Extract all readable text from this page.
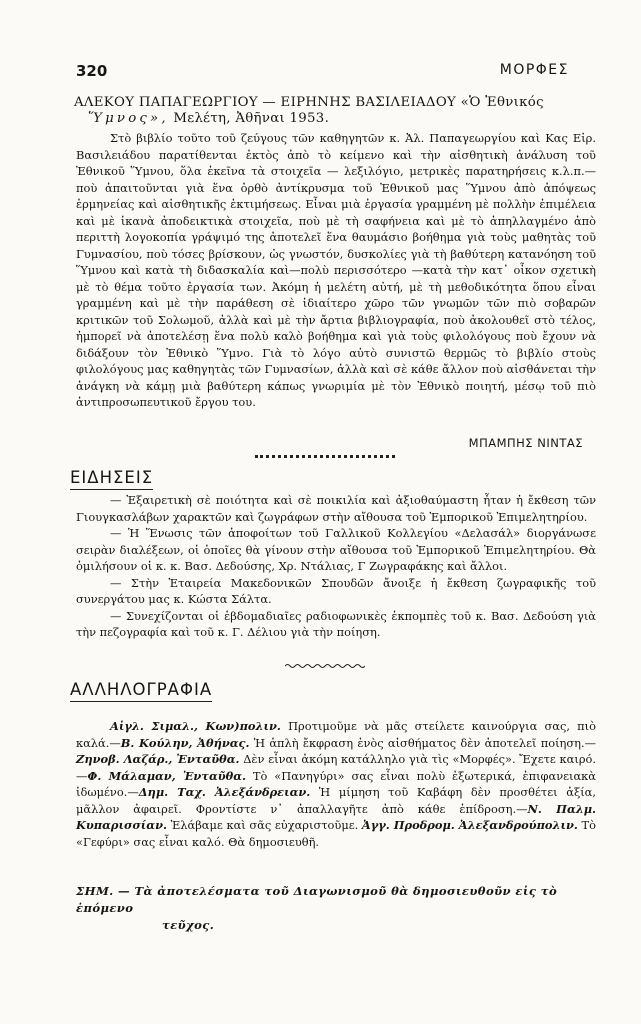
320	ΜΟΡΦΕΣ
ΑΛΕΚΟΥ ΠΑΠΑΓΕΩΡΓΙΟΥ — ΕΙΡΗΝΗΣ ΒΑΣΙΛΕΙΑΔΟΥ «Ὁ Ἐθνικός
Ὕμνος», Μελέτη, Ἀθῆναι 1953.

Στὸ βιβλίο τοῦτο τοῦ ζεύγους τῶν καθηγητῶν κ. Ἀλ. Παπαγεωργίου καὶ Κας Εἰρ. Βασιλειάδου παρατίθενται ἐκτὸς ἀπὸ τὸ κείμενο καὶ τὴν αἰσθητικὴ ἀνάλυση τοῦ Ἐθνικοῦ Ὕμνου, ὅλα ἐκεῖνα τὰ στοιχεῖα — λεξιλόγιο, μετρικὲς παρατηρήσεις κ.λ.π.— ποὺ ἀπαιτοῦνται γιὰ ἕνα ὀρθὸ ἀντίκρυσμα τοῦ Ἐθνικοῦ μας Ὕμνου ἀπὸ ἀπόψεως ἑρμηνείας καὶ αἰσθητικῆς ἐκτιμήσεως. Εἶναι μιὰ ἐργασία γραμμένη μὲ πολλὴν ἐπιμέλεια καὶ μὲ ἱκανὰ ἀποδεικτικὰ στοιχεῖα, ποὺ μὲ τὴ σαφήνεια καὶ μὲ τὸ ἀπηλλαγμένο ἀπὸ περιττὴ λογοκοπία γράψιμό της ἀποτελεῖ ἕνα θαυμάσιο βοήθημα γιὰ τοὺς μαθητὰς τοῦ Γυμνασίου, ποὺ τόσες βρίσκουν, ὡς γνωστόν, δυσκολίες γιὰ τὴ βαθύτερη κατανόηση τοῦ Ὕμνου καὶ κατὰ τὴ διδασκαλία καὶ—πολὺ περισσότερο —κατὰ τὴν κατ᾿ οἶκον σχετικὴ μὲ τὸ θέμα τοῦτο ἐργασία των. Ἀκόμη ἡ μελέτη αὐτή, μὲ τὴ μεθοδικότητα ὅπου εἶναι γραμμένη καὶ μὲ τὴν παράθεση σὲ ἰδιαίτερο χῶρο τῶν γνωμῶν τῶν πιὸ σοβαρῶν κριτικῶν τοῦ Σολωμοῦ, ἀλλὰ καὶ μὲ τὴν ἄρτια βιβλιογραφία, ποὺ ἀκολουθεῖ στὸ τέλος, ἠμπορεῖ νὰ ἀποτελέσῃ ἕνα πολὺ καλὸ βοήθημα καὶ γιὰ τοὺς φιλολόγους ποὺ ἔχουν νὰ διδάξουν τὸν Ἐθνικὸ Ὕμνο. Γιὰ τὸ λόγο αὐτὸ συνιστῶ θερμῶς τὸ βιβλίο στοὺς φιλολόγους μας καθηγητὰς τῶν Γυμνασίων, ἀλλὰ καὶ σὲ κάθε ἄλλον ποὺ αἰσθάνεται τὴν ἀνάγκη νὰ κάμῃ μιὰ βαθύτερη κάπως γνωριμία μὲ τὸν Ἐθνικὸ ποιητή, μέσῳ τοῦ πιὸ ἀντιπροσωπευτικοῦ ἔργου του.

ΜΠΑΜΠΗΣ ΝΙΝΤΑΣ
ΕΙΔΗΣΕΙΣ

— Ἐξαιρετικὴ σὲ ποιότητα καὶ σὲ ποικιλία καὶ ἀξιοθαύμαστη ἦταν ἡ ἔκθεση τῶν Γιουγκασλάβων χαρακτῶν καὶ ζωγράφων στὴν αἴθουσα τοῦ Ἐμπορικοῦ Ἐπιμελητηρίου.

— Ἡ Ἕνωσις τῶν ἀποφοίτων τοῦ Γαλλικοῦ Κολλεγίου «Δελασάλ» διοργάνωσε σειρὰν διαλέξεων, οἱ ὁποῖες θὰ γίνουν στὴν αἴθουσα τοῦ Ἐμπορικοῦ Ἐπιμελητηρίου. Θὰ ὁμιλήσουν οἱ κ. κ. Βασ. Δεδούσης, Χρ. Ντάλιας, Γ Ζωγραφάκης καὶ ἄλλοι.

— Στὴν Ἑταιρεία Μακεδονικῶν Σπουδῶν ἄνοιξε ἡ ἔκθεση ζωγραφικῆς τοῦ συνεργάτου μας κ. Κώστα Σάλτα.

— Συνεχίζονται οἱ ἑβδομαδιαῖες ραδιοφωνικὲς ἐκπομπὲς τοῦ κ. Βασ. Δεδούση γιὰ τὴν πεζογραφία καὶ τοῦ κ. Γ. Δέλιου γιὰ τὴν ποίηση.

ΑΛΛΗΛΟΓΡΑΦΙΑ

Αἰγλ. Σιμαλ., Κων)πολιν. Προτιμοῦμε νὰ μᾶς στείλετε καινούργια σας, πιὸ καλά.—Β. Κούλην, Ἀθήνας. Ἡ ἁπλὴ ἔκφραση ἑνὸς αἰσθήματος δὲν ἀποτελεῖ ποίηση.—Ζηνοβ. Λαζάρ., Ἐνταῦθα. Δὲν εἶναι ἀκόμη κατάλληλο γιὰ τὶς «Μορφές». Ἔχετε καιρό.—Φ. Μάλαμαν, Ἐνταῦθα. Τὸ «Πανηγύρι» σας εἶναι πολὺ ἐξωτερικά, ἐπιφανειακὰ ἰδωμένο.—Δημ. Ταχ. Ἀλεξάνδρειαν. Ἡ μίμηση τοῦ Καβάφη δὲν προσθέτει ἀξία, μᾶλλον ἀφαιρεῖ. Φροντίστε ν᾿ ἀπαλλαγῆτε ἀπὸ κάθε ἐπίδροση.—Ν. Παλμ. Κυπαρισσίαν. Ἐλάβαμε καὶ σᾶς εὐχαριστοῦμε. Ἀγγ. Προδρομ. Ἀλεξανδρούπολιν. Τὸ «Γεφύρι» σας εἶναι καλό. Θὰ δημοσιευθῆ.

ΣΗΜ. — Τὰ ἀποτελέσματα τοῦ Διαγωνισμοῦ θὰ δημοσιευθοῦν εἰς τὸ ἑπόμενο
τεῦχος.
